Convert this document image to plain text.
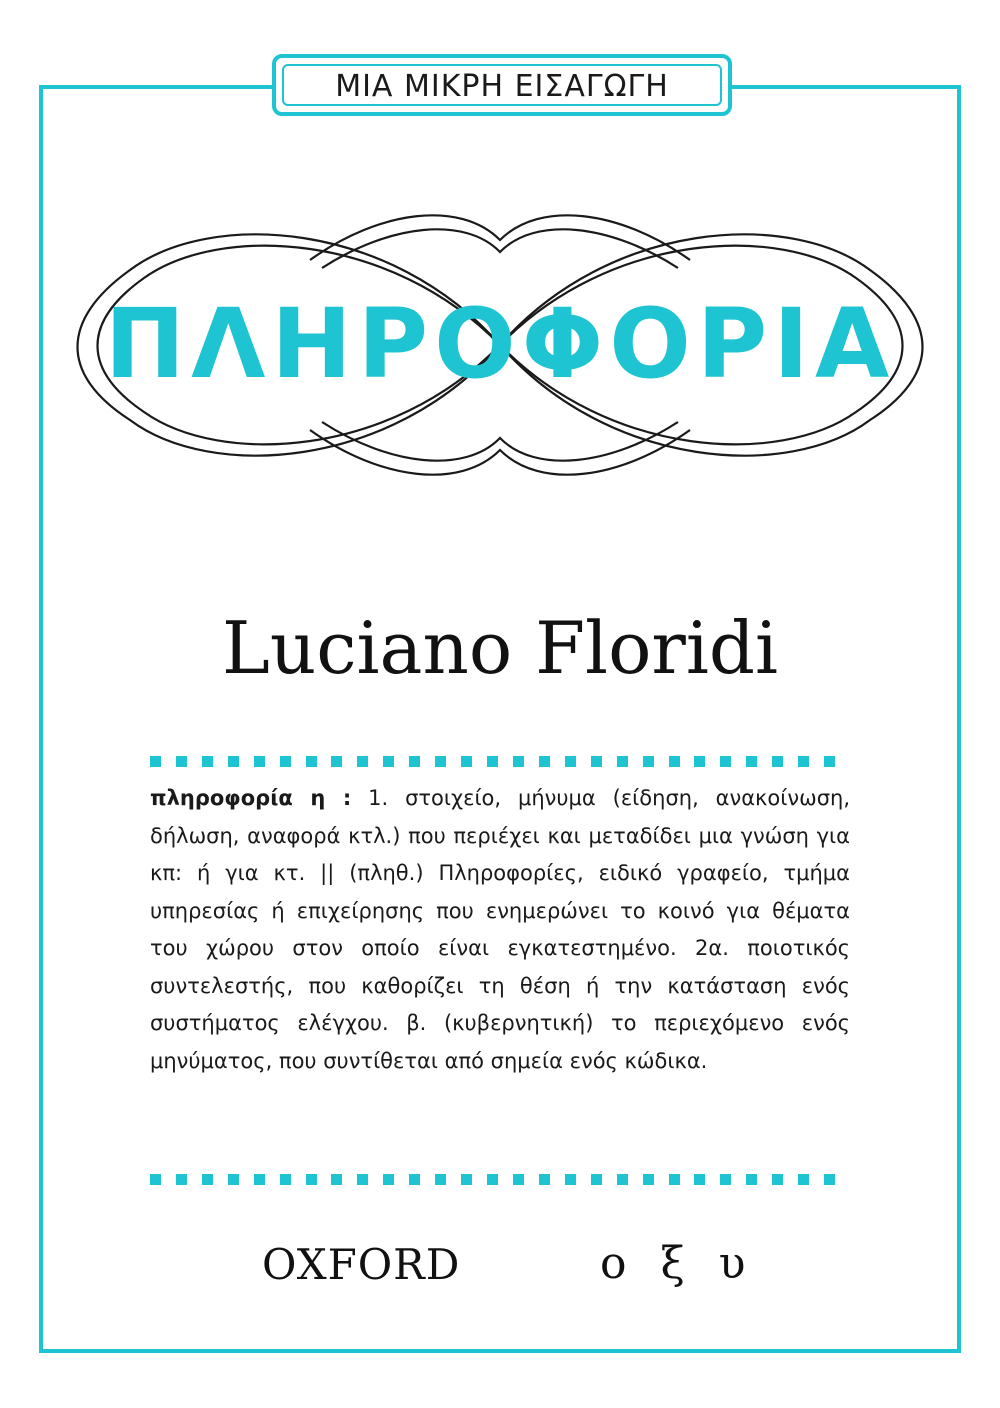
ΜΙΑ ΜΙΚΡΗ ΕΙΣΑΓΩΓΗ
ΠΛΗΡΟΦΟΡΙΑ
Luciano Floridi
πληροφορία η : 1. στοιχείο, μήνυμα (είδηση, ανακοίνωση, δήλωση, αναφορά κτλ.) που περιέχει και μεταδίδει μια γνώση για κπ: ή για κτ. || (πληθ.) Πληροφορίες, ειδικό γραφείο, τμήμα υπηρεσίας ή επιχείρησης που ενημερώνει το κοινό για θέματα του χώρου στον οποίο είναι εγκατεστημένο. 2α. ποιοτικός συντελεστής, που καθορίζει τη θέση ή την κατάσταση ενός συστήματος ελέγχου. β. (κυβερνητική) το περιεχόμενο ενός μηνύματος, που συντίθεται από σημεία ενός κώδικα.
OXFORD	οξυ
